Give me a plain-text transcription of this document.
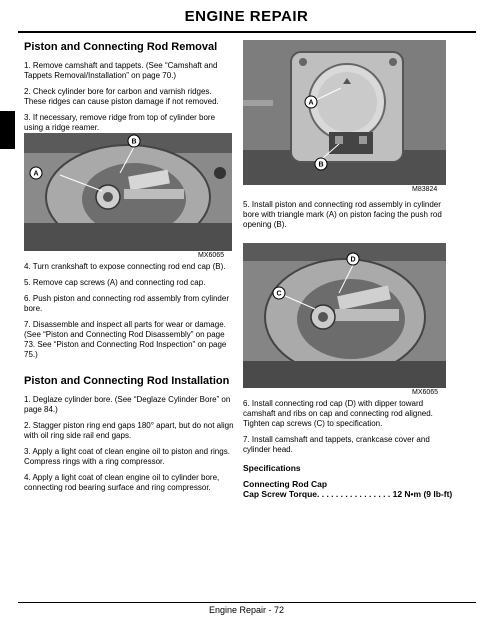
ENGINE REPAIR
Piston and Connecting Rod Removal

1. Remove camshaft and tappets. (See “Camshaft and Tappets Removal/Installation” on page 70.)

2. Check cylinder bore for carbon and varnish ridges. These ridges can cause piston damage if not removed.

3. If necessary, remove ridge from top of cylinder bore using a ridge reamer.

B
A
MX6065

4. Turn crankshaft to expose connecting rod end cap (B).

5. Remove cap screws (A) and connecting rod cap.

6. Push piston and connecting rod assembly from cylinder bore.

7. Disassemble and inspect all parts for wear or damage. (See “Piston and Connecting Rod Disassembly” on page 73. See “Piston and Connecting Rod Inspection” on page 75.)

Piston and Connecting Rod Installation

1. Deglaze cylinder bore. (See “Deglaze Cylinder Bore” on page 84.)

2. Stagger piston ring end gaps 180° apart, but do not align with oil ring side rail end gaps.

3. Apply a light coat of clean engine oil to piston and rings. Compress rings with a ring compressor.

4. Apply a light coat of clean engine oil to cylinder bore, connecting rod bearing surface and ring compressor.

A
B
M83824

5. Install piston and connecting rod assembly in cylinder bore with triangle mark (A) on piston facing the push rod opening (B).

D
C
MX6065

6. Install connecting rod cap (D) with dipper toward camshaft and ribs on cap and connecting rod aligned. Tighten cap screws (C) to specification.

7. Install camshaft and tappets, crankcase cover and cylinder head.

Specifications
Connecting Rod Cap
Cap Screw Torque. . . . . . . . . . . . . . . . 12 N•m (9 lb-ft)
Engine Repair - 72
